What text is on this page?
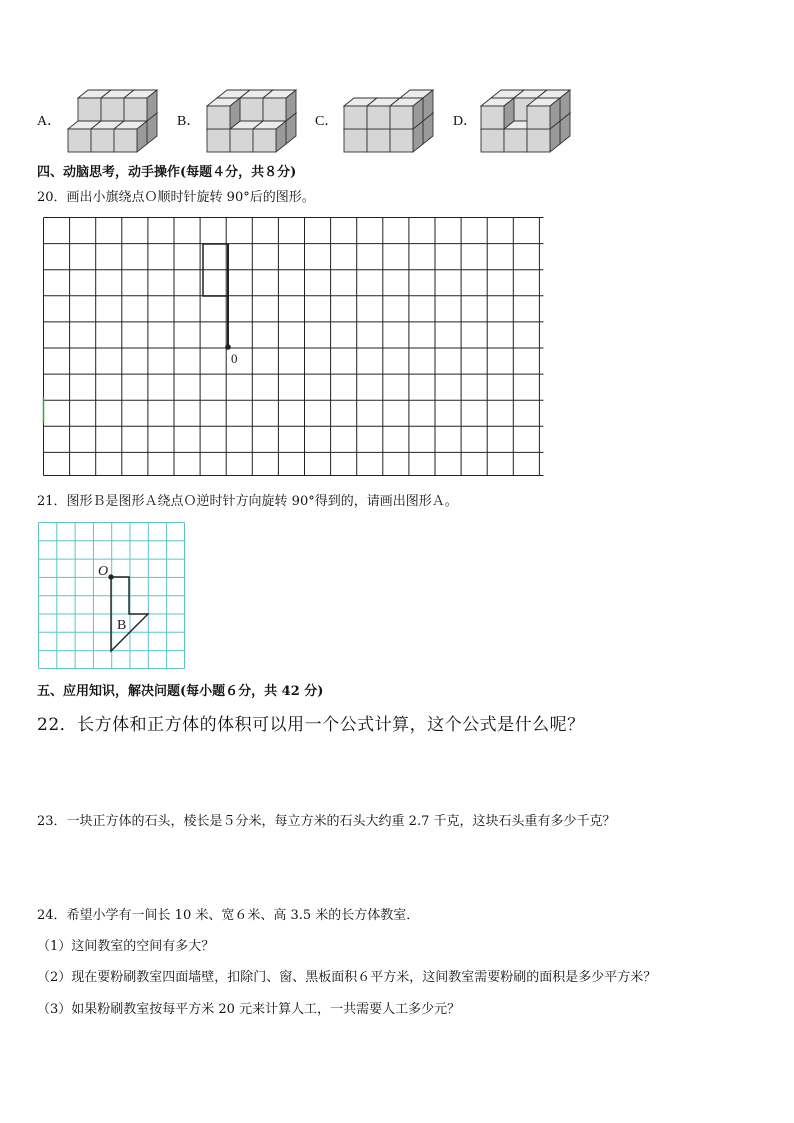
A．	B．	C．	D．
四、动脑思考，动手操作(每题４分，共８分)
20．画出小旗绕点Ｏ顺时针旋转 90°后的图形。
0
21．图形Ｂ是图形Ａ绕点Ｏ逆时针方向旋转 90°得到的，请画出图形Ａ。
O
B
五、应用知识，解决问题(每小题６分，共 42 分)
22．长方体和正方体的体积可以用一个公式计算，这个公式是什么呢？
23．一块正方体的石头，棱长是５分米，每立方米的石头大约重 2.7 千克，这块石头重有多少千克？
24．希望小学有一间长 10 米、宽６米、高 3.5 米的长方体教室．
（1）这间教室的空间有多大？
（2）现在要粉刷教室四面墙壁，扣除门、窗、黑板面积６平方米，这间教室需要粉刷的面积是多少平方米？
（3）如果粉刷教室按每平方米 20 元来计算人工，一共需要人工多少元？
